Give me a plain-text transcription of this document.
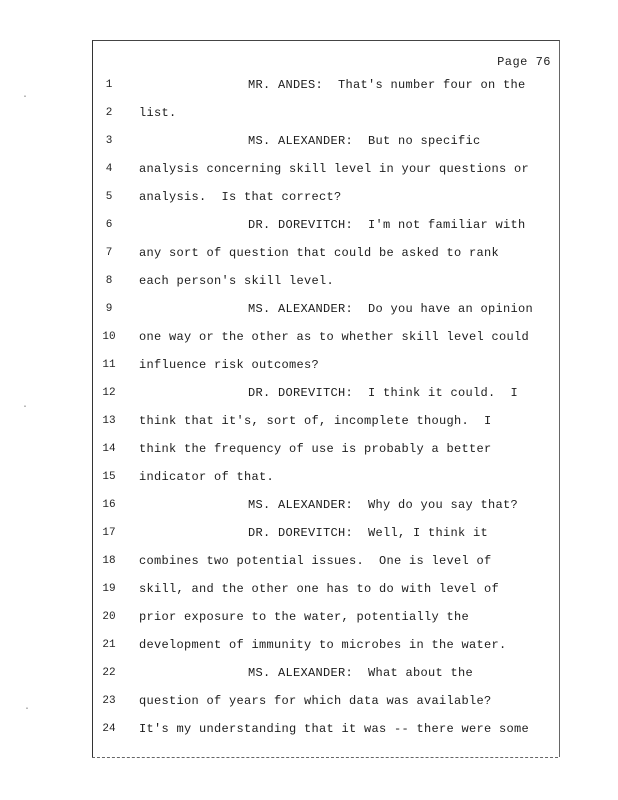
Page 76
1	MR. ANDES:  That's number four on the
2	list.
3	MS. ALEXANDER:  But no specific
4	analysis concerning skill level in your questions or
5	analysis.  Is that correct?
6	DR. DOREVITCH:  I'm not familiar with
7	any sort of question that could be asked to rank
8	each person's skill level.
9	MS. ALEXANDER:  Do you have an opinion
10 one way or the other as to whether skill level could
11 influence risk outcomes?
12	DR. DOREVITCH:  I think it could.  I
13 think that it's, sort of, incomplete though.  I
14 think the frequency of use is probably a better
15 indicator of that.
16	MS. ALEXANDER:  Why do you say that?
17	DR. DOREVITCH:  Well, I think it
18 combines two potential issues.  One is level of
19 skill, and the other one has to do with level of
20 prior exposure to the water, potentially the
21 development of immunity to microbes in the water.
22	MS. ALEXANDER:  What about the
23 question of years for which data was available?
24 It's my understanding that it was -- there were some
·
·
·
